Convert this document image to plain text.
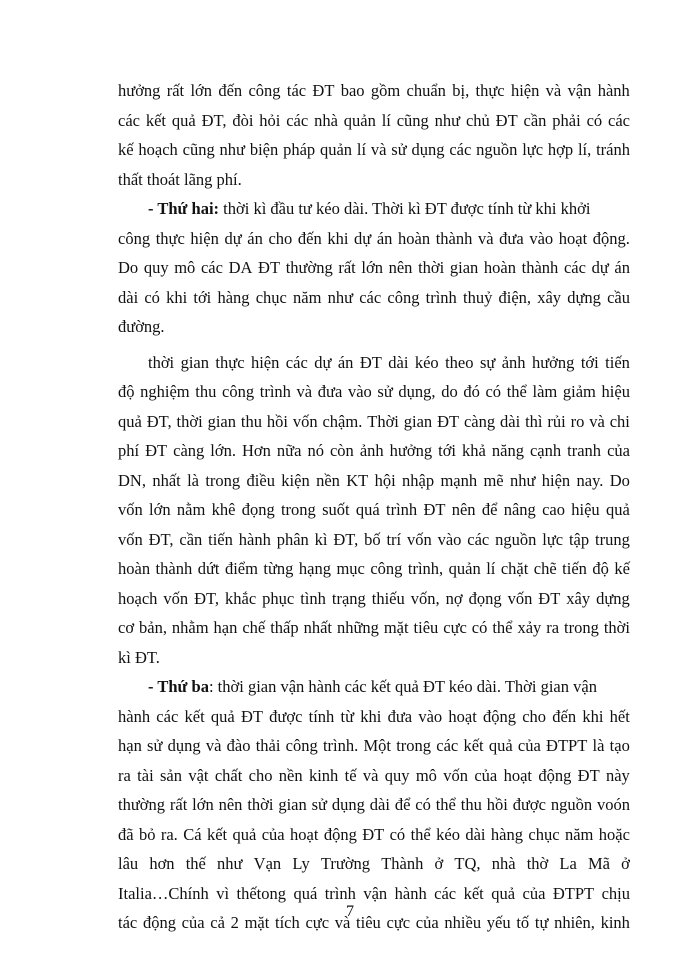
hưởng rất lớn đến công tác ĐT bao gồm chuẩn bị, thực hiện và vận hành
các kết quả ĐT, đòi hỏi các nhà quản lí cũng như chủ ĐT cần phải có các
kế hoạch cũng như biện pháp quản lí và sử dụng các nguồn lực hợp lí, tránh
thất thoát lãng phí.
- Thứ hai: thời kì đầu tư kéo dài. Thời kì ĐT được tính từ khi khởi
công thực hiện dự án cho đến khi dự án hoàn thành và đưa vào hoạt động.
Do quy mô các DA ĐT thường rất lớn nên thời gian hoàn thành các dự án
dài có khi tới hàng chục năm như các công trình thuỷ điện, xây dựng cầu
đường.
thời gian thực hiện các dự án ĐT dài kéo theo sự ảnh hưởng tới tiến
độ nghiệm thu công trình và đưa vào sử dụng, do đó có thể làm giảm hiệu
quả ĐT, thời gian thu hồi vốn chậm. Thời gian ĐT càng dài thì rủi ro và chi
phí ĐT càng lớn. Hơn nữa nó còn ảnh hưởng tới khả năng cạnh tranh của
DN, nhất là trong điều kiện nền KT hội nhập mạnh mẽ như hiện nay. Do
vốn lớn nằm khê đọng trong suốt quá trình ĐT nên để nâng cao hiệu quả
vốn ĐT, cần tiến hành phân kì ĐT, bố trí vốn vào các nguồn lực tập trung
hoàn thành dứt điểm từng hạng mục công trình, quản lí chặt chẽ tiến độ kế
hoạch vốn ĐT, khắc phục tình trạng thiếu vốn, nợ đọng vốn ĐT xây dựng
cơ bản, nhằm hạn chế thấp nhất những mặt tiêu cực có thể xảy ra trong thời
kì ĐT.
- Thứ ba: thời gian vận hành các kết quả ĐT kéo dài. Thời gian vận
hành các kết quả ĐT được tính từ khi đưa vào hoạt động cho đến khi hết
hạn sử dụng và đào thải công trình. Một trong các kết quả của ĐTPT là tạo
ra tài sản vật chất cho nền kinh tế và quy mô vốn của hoạt động ĐT này
thường rất lớn nên thời gian sử dụng dài để có thể thu hồi được nguồn voón
đã bỏ ra. Cá kết quả của hoạt động ĐT có thể kéo dài hàng chục năm hoặc
lâu hơn thế như Vạn Ly Trường Thành ở TQ, nhà thờ La Mã ở
Italia…Chính vì thếtong quá trình vận hành các kết quả của ĐTPT chịu
tác động của cả 2 mặt tích cực và tiêu cực của nhiều yếu tố tự nhiên, kinh
7
